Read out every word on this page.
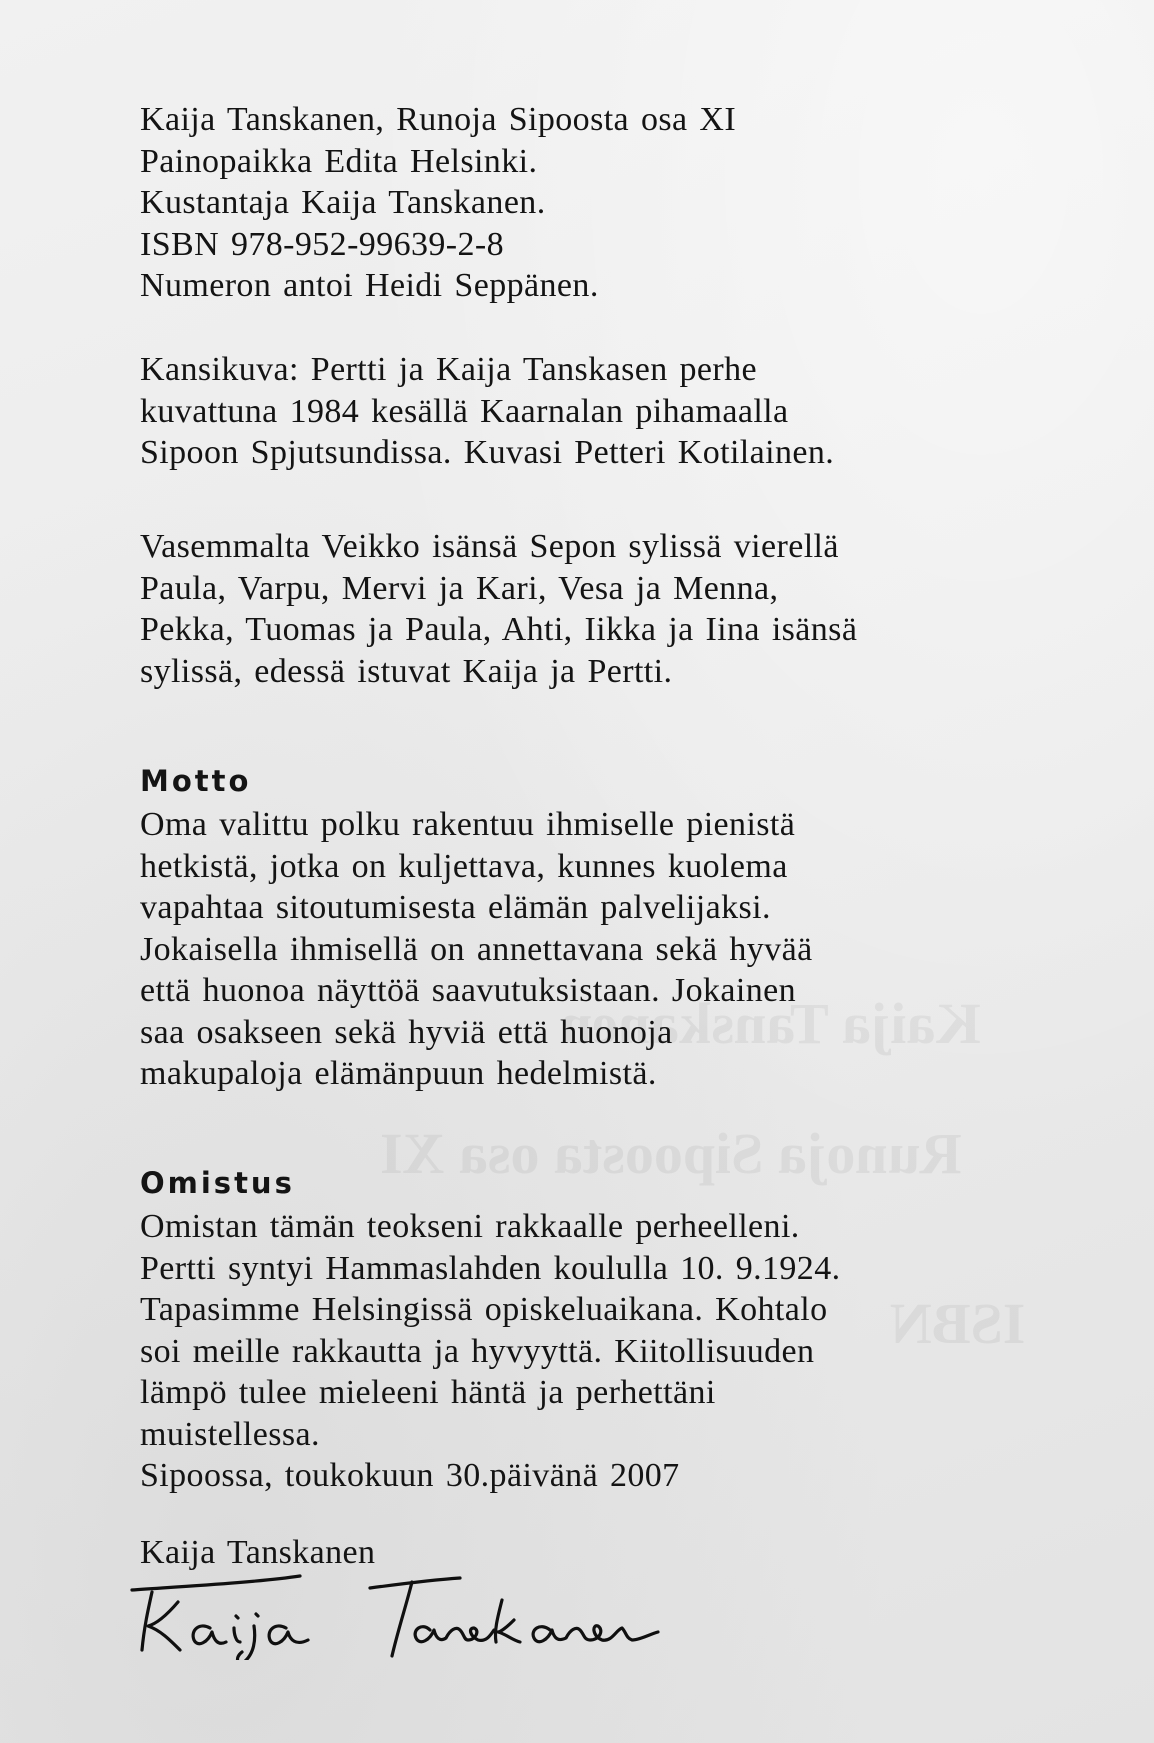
Kaija Tanskanen
Runoja Sipoosta osa XI
ISBN
Kaija Tanskanen, Runoja Sipoosta osa XI
Painopaikka Edita Helsinki.
Kustantaja Kaija Tanskanen.
ISBN 978-952-99639-2-8
Numeron antoi Heidi Seppänen.
Kansikuva: Pertti ja Kaija Tanskasen perhe
kuvattuna 1984 kesällä Kaarnalan pihamaalla
Sipoon Spjutsundissa. Kuvasi Petteri Kotilainen.
Vasemmalta Veikko isänsä Sepon sylissä vierellä
Paula, Varpu, Mervi ja Kari, Vesa ja Menna,
Pekka, Tuomas ja Paula, Ahti, Iikka ja Iina isänsä
sylissä, edessä istuvat Kaija ja Pertti.
Motto
Oma valittu polku rakentuu ihmiselle pienistä
hetkistä, jotka on kuljettava, kunnes kuolema
vapahtaa sitoutumisesta elämän palvelijaksi.
Jokaisella ihmisellä on annettavana sekä hyvää
että huonoa näyttöä saavutuksistaan. Jokainen
saa osakseen sekä hyviä että huonoja
makupaloja elämänpuun hedelmistä.
Omistus
Omistan tämän teokseni rakkaalle perheelleni.
Pertti syntyi Hammaslahden koululla 10. 9.1924.
Tapasimme Helsingissä opiskeluaikana. Kohtalo
soi meille rakkautta ja hyvyyttä. Kiitollisuuden
lämpö tulee mieleeni häntä ja perhettäni
muistellessa.
Sipoossa, toukokuun 30.päivänä 2007
Kaija Tanskanen
